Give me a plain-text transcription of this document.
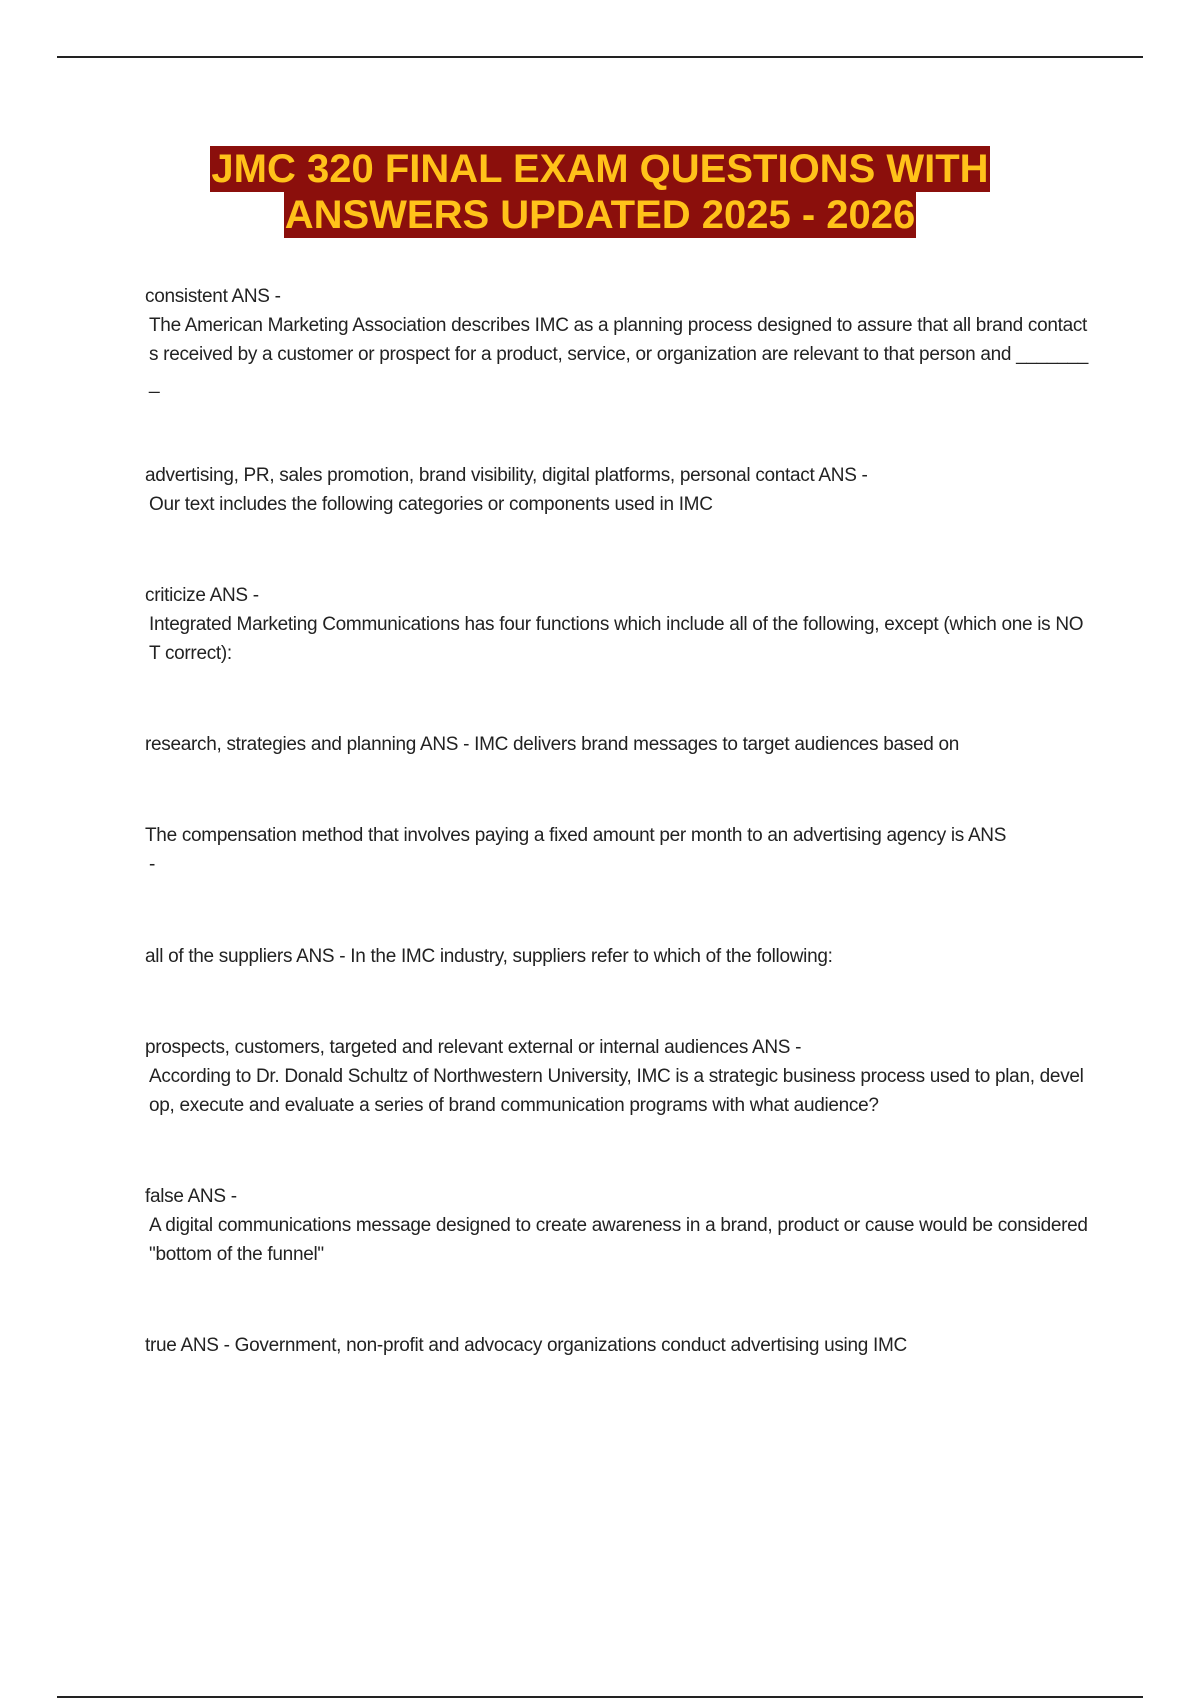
JMC 320 FINAL EXAM QUESTIONS WITH
ANSWERS UPDATED 2025 - 2026

consistent ANS -

The American Marketing Association describes IMC as a planning process designed to assure that all brand contacts received by a customer or prospect for a product, service, or organization are relevant to that person and ________

advertising, PR, sales promotion, brand visibility, digital platforms, personal contact ANS -

Our text includes the following categories or components used in IMC

criticize ANS -

Integrated Marketing Communications has four functions which include all of the following, except (which one is NOT correct):

research, strategies and planning ANS - IMC delivers brand messages to target audiences based on

The compensation method that involves paying a fixed amount per month to an advertising agency is ANS

-

all of the suppliers ANS - In the IMC industry, suppliers refer to which of the following:

prospects, customers, targeted and relevant external or internal audiences ANS -

According to Dr. Donald Schultz of Northwestern University, IMC is a strategic business process used to plan, develop, execute and evaluate a series of brand communication programs with what audience?

false ANS -

A digital communications message designed to create awareness in a brand, product or cause would be considered "bottom of the funnel"

true ANS - Government, non-profit and advocacy organizations conduct advertising using IMC
